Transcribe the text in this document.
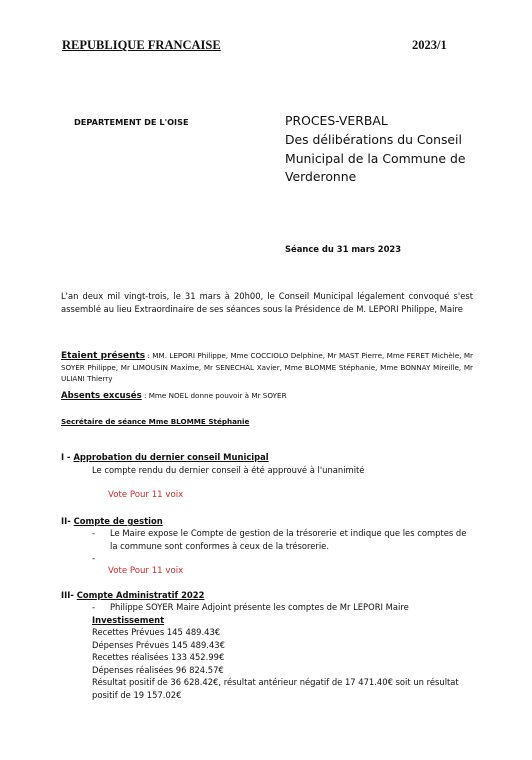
REPUBLIQUE FRANCAISE	2023/1
DEPARTEMENT DE L'OISE	PROCES-VERBAL
Des délibérations du Conseil
Municipal de la Commune de
Verderonne
Séance du 31 mars 2023
L'an deux mil vingt-trois, le 31 mars à 20h00, le Conseil Municipal légalement convoqué s'est assemblé au lieu Extraordinaire de ses séances sous la Présidence de M. LEPORI Philippe, Maire
Etaient présents : MM. LEPORI Philippe, Mme COCCIOLO Delphine, Mr MAST Pierre, Mme FERET Michèle, Mr SOYER Philippe, Mr LIMOUSIN Maxime, Mr SENECHAL Xavier, Mme BLOMME Stéphanie, Mme BONNAY Mireille, Mr ULIANI Thierry
Absents excusés : Mme NOEL donne pouvoir à Mr SOYER
Secrétaire de séance Mme BLOMME Stéphanie
I - Approbation du dernier conseil Municipal
Le compte rendu du dernier conseil à été approuvé à l'unanimité
Vote Pour 11 voix
II- Compte de gestion
- Le Maire expose le Compte de gestion de la trésorerie et indique que les comptes de
la commune sont conformes à ceux de la trésorerie.
-
Vote Pour 11 voix
III- Compte Administratif 2022
- Philippe SOYER Maire Adjoint présente les comptes de Mr LEPORI Maire
Investissement
Recettes Prévues 145 489.43€
Dépenses Prévues 145 489.43€
Recettes réalisées 133 452.99€
Dépenses réalisées 96 824.57€
Résultat positif de 36 628.42€, résultat antérieur négatif de 17 471.40€ soit un résultat
positif de 19 157.02€
